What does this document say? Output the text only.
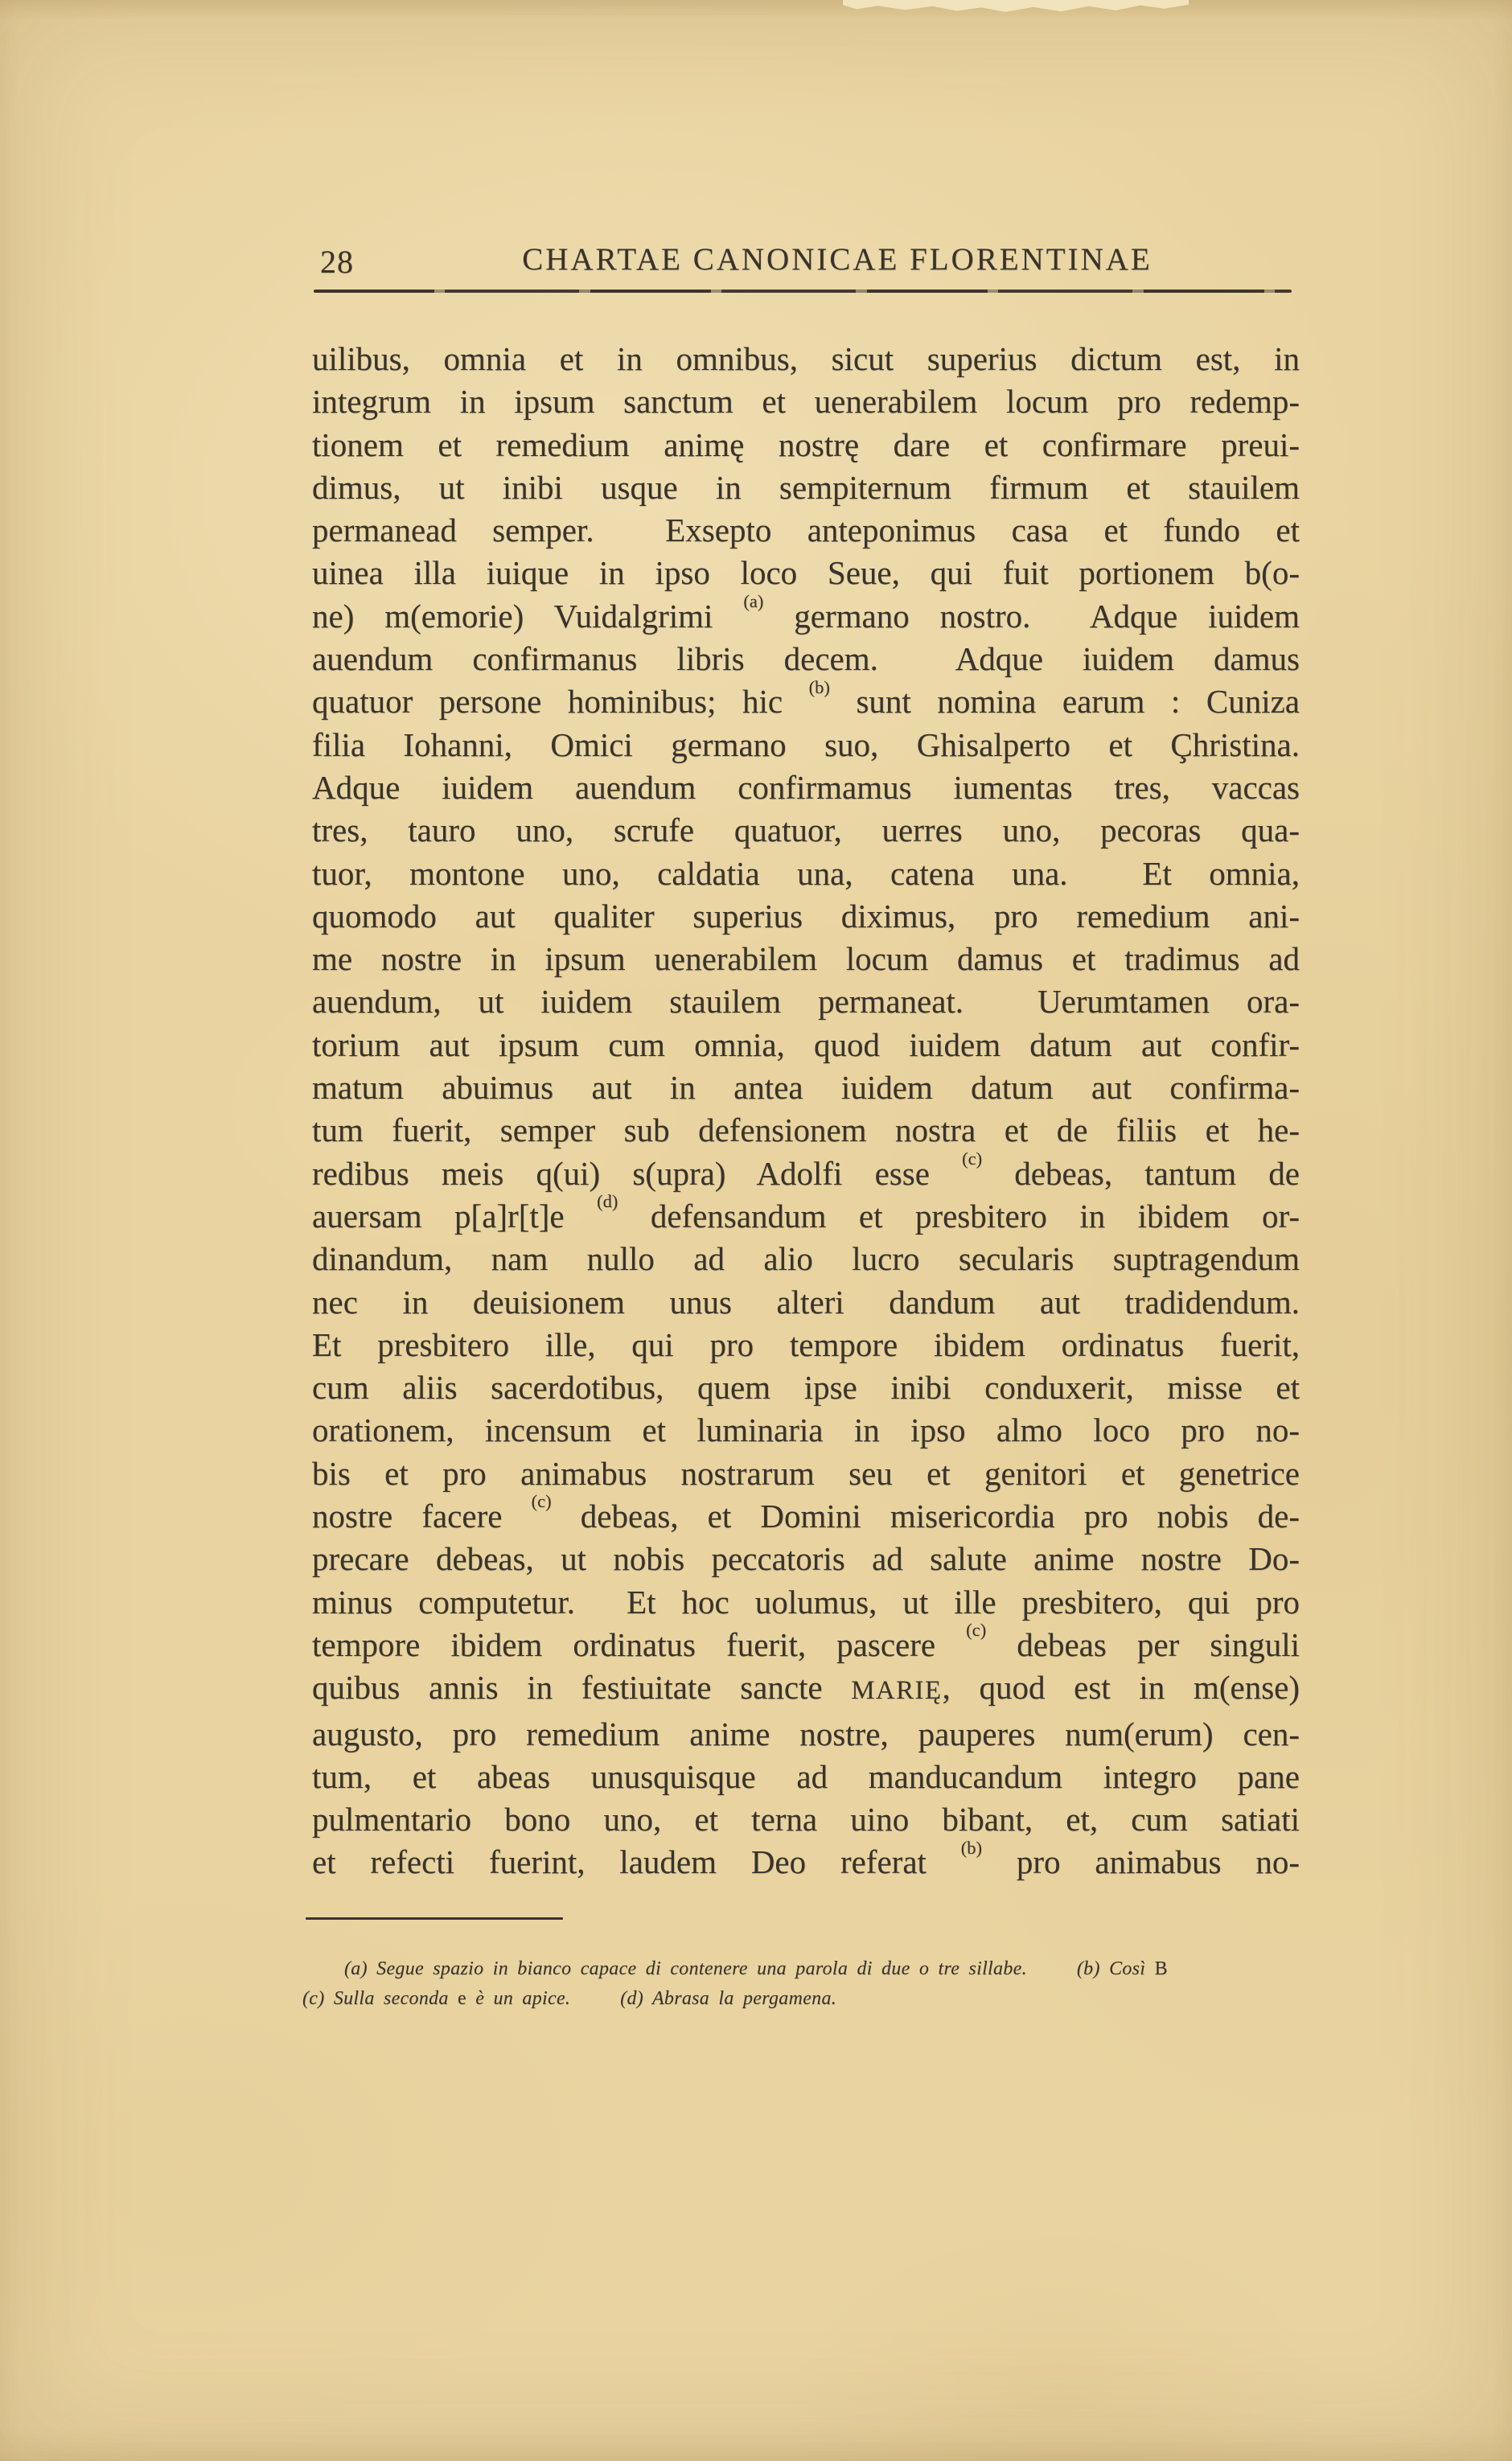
28	CHARTAE CANONICAE FLORENTINAE
uilibus, omnia et in omnibus, sicut superius dictum est, in
integrum in ipsum sanctum et uenerabilem locum pro redemp-
tionem et remedium animę nostrę dare et confirmare preui-
dimus, ut inibi usque in sempiternum firmum et stauilem
permanead semper.  Exsepto anteponimus casa et fundo et
uinea illa iuique in ipso loco Seue, qui fuit portionem b(o-
ne) m(emorie) Vuidalgrimi $^{(a)}$ germano nostro.  Adque iuidem
auendum confirmanus libris decem.  Adque iuidem damus
quatuor persone hominibus; hic $^{(b)}$ sunt nomina earum : Cuniza
filia Iohanni, Omici germano suo, Ghisalperto et Çhristina.
Adque iuidem auendum confirmamus iumentas tres, vaccas
tres, tauro uno, scrufe quatuor, uerres uno, pecoras qua-
tuor, montone uno, caldatia una, catena una.  Et omnia,
quomodo aut qualiter superius diximus, pro remedium ani-
me nostre in ipsum uenerabilem locum damus et tradimus ad
auendum, ut iuidem stauilem permaneat.  Uerumtamen ora-
torium aut ipsum cum omnia, quod iuidem datum aut confir-
matum abuimus aut in antea iuidem datum aut confirma-
tum fuerit, semper sub defensionem nostra et de filiis et he-
redibus meis q(ui) s(upra) Adolfi esse $^{(c)}$ debeas, tantum de
auersam p[a]r[t]e $^{(d)}$ defensandum et presbitero in ibidem or-
dinandum, nam nullo ad alio lucro secularis suptragendum
nec in deuisionem unus alteri dandum aut tradidendum.
Et presbitero ille, qui pro tempore ibidem ordinatus fuerit,
cum aliis sacerdotibus, quem ipse inibi conduxerit, misse et
orationem, incensum et luminaria in ipso almo loco pro no-
bis et pro animabus nostrarum seu et genitori et genetrice
nostre facere $^{(c)}$ debeas, et Domini misericordia pro nobis de-
precare debeas, ut nobis peccatoris ad salute anime nostre Do-
minus computetur.  Et hoc uolumus, ut ille presbitero, qui pro
tempore ibidem ordinatus fuerit, pascere $^{(c)}$ debeas per singuli
quibus annis in festiuitate sancte MARIĘ, quod est in m(ense)
augusto, pro remedium anime nostre, pauperes num(erum) cen-
tum, et abeas unusquisque ad manducandum integro pane
pulmentario bono uno, et terna uino bibant, et, cum satiati
et refecti fuerint, laudem Deo referat $^{(b)}$ pro animabus no-
(a) Segue spazio in bianco capace di contenere una parola di due o tre sillabe.	(b) Così B
(c) Sulla seconda e è un apice.	(d) Abrasa la pergamena.
